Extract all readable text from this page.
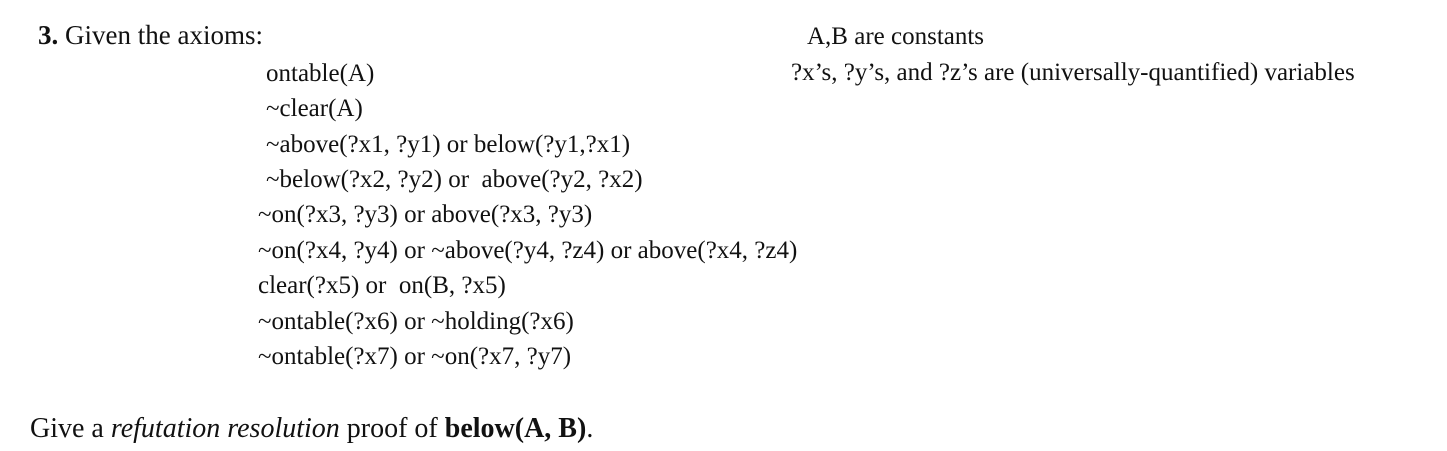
3. Given the axioms:	A,B are constants
?x’s, ?y’s, and ?z’s are (universally-quantified) variables
ontable(A)
~clear(A)
~above(?x1, ?y1) or below(?y1,?x1)
~below(?x2, ?y2) or  above(?y2, ?x2)
~on(?x3, ?y3) or above(?x3, ?y3)
~on(?x4, ?y4) or ~above(?y4, ?z4) or above(?x4, ?z4)
clear(?x5) or  on(B, ?x5)
~ontable(?x6) or ~holding(?x6)
~ontable(?x7) or ~on(?x7, ?y7)
Give a refutation resolution proof of below(A, B).
